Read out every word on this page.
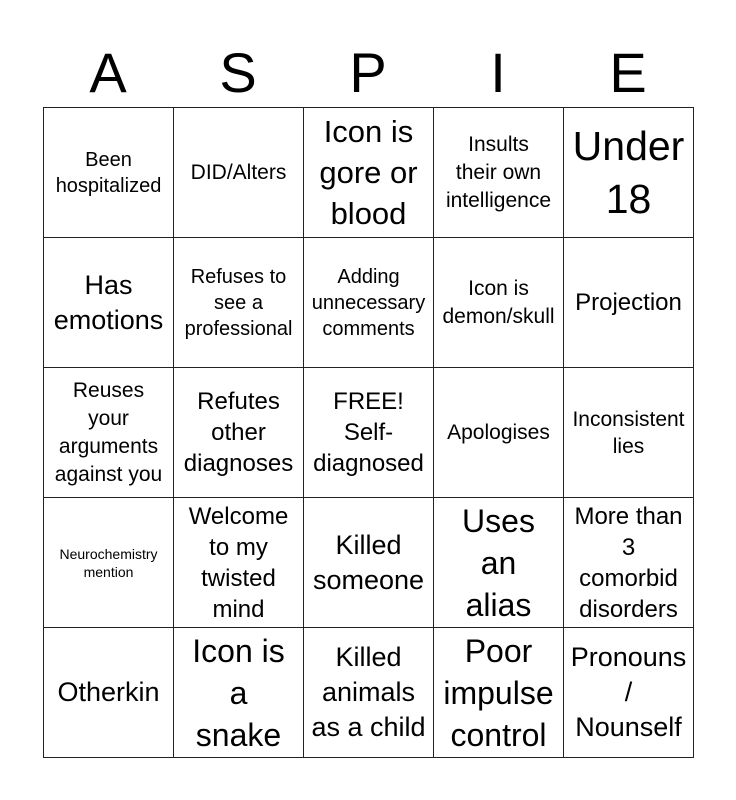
A	S	P	I	E
Been
hospitalized	DID/Alters	Icon is
gore or
blood	Insults
their own
intelligence	Under
18

Has
emotions	Refuses to
see a
professional	Adding
unnecessary
comments	Icon is
demon/skull	Projection

Reuses
your
arguments
against you	Refutes
other
diagnoses	FREE!
Self-
diagnosed	Apologises	Inconsistent
lies

Neurochemistry
mention	Welcome
to my
twisted
mind	Killed
someone	Uses
an
alias	More than
3
comorbid
disorders

Otherkin	Icon is
a
snake	Killed
animals
as a child	Poor
impulse
control	Pronouns
/
Nounself
